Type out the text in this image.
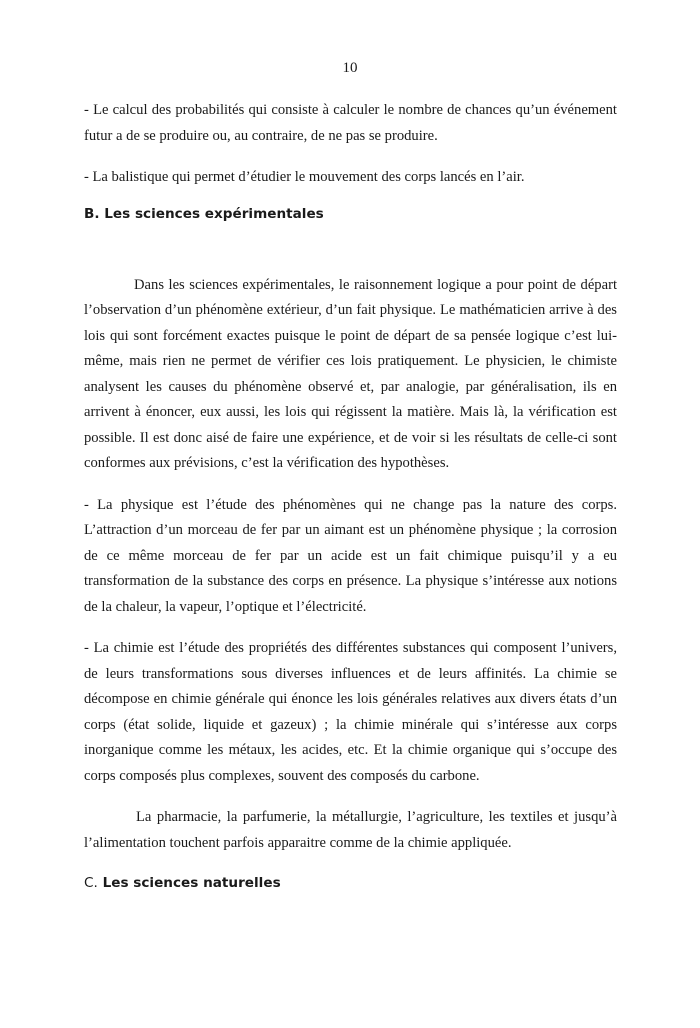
10

- Le calcul des probabilités qui consiste à calculer le nombre de chances qu’un événement futur a de se produire ou, au contraire, de ne pas se produire.

- La balistique qui permet d’étudier le mouvement des corps lancés en l’air.

B. Les sciences expérimentales

Dans les sciences expérimentales, le raisonnement logique a pour point de départ l’observation d’un phénomène extérieur, d’un fait physique. Le mathématicien arrive à des lois qui sont forcément exactes puisque le point de départ de sa pensée logique c’est lui-même, mais rien ne permet de vérifier ces lois pratiquement. Le physicien, le chimiste analysent les causes du phénomène observé et, par analogie, par généralisation, ils en arrivent à énoncer, eux aussi, les lois qui régissent la matière. Mais là, la vérification est possible. Il est donc aisé de faire une expérience, et de voir si les résultats de celle-ci sont conformes aux prévisions, c’est la vérification des hypothèses.

- La physique est l’étude des phénomènes qui ne change pas la nature des corps. L’attraction d’un morceau de fer par un aimant est un phénomène physique ; la corrosion de ce même morceau de fer par un acide est un fait chimique puisqu’il y a eu transformation de la substance des corps en présence. La physique s’intéresse aux notions de la chaleur, la vapeur, l’optique et l’électricité.

- La chimie est l’étude des propriétés des différentes substances qui composent l’univers, de leurs transformations sous diverses influences et de leurs affinités. La chimie se décompose en chimie générale qui énonce les lois générales relatives aux divers états d’un corps (état solide, liquide et gazeux) ; la chimie minérale qui s’intéresse aux corps inorganique comme les métaux, les acides, etc. Et la chimie organique qui s’occupe des corps composés plus complexes, souvent des composés du carbone.

La pharmacie, la parfumerie, la métallurgie, l’agriculture, les textiles et jusqu’à l’alimentation touchent parfois apparaitre comme de la chimie appliquée.

C. Les sciences naturelles
